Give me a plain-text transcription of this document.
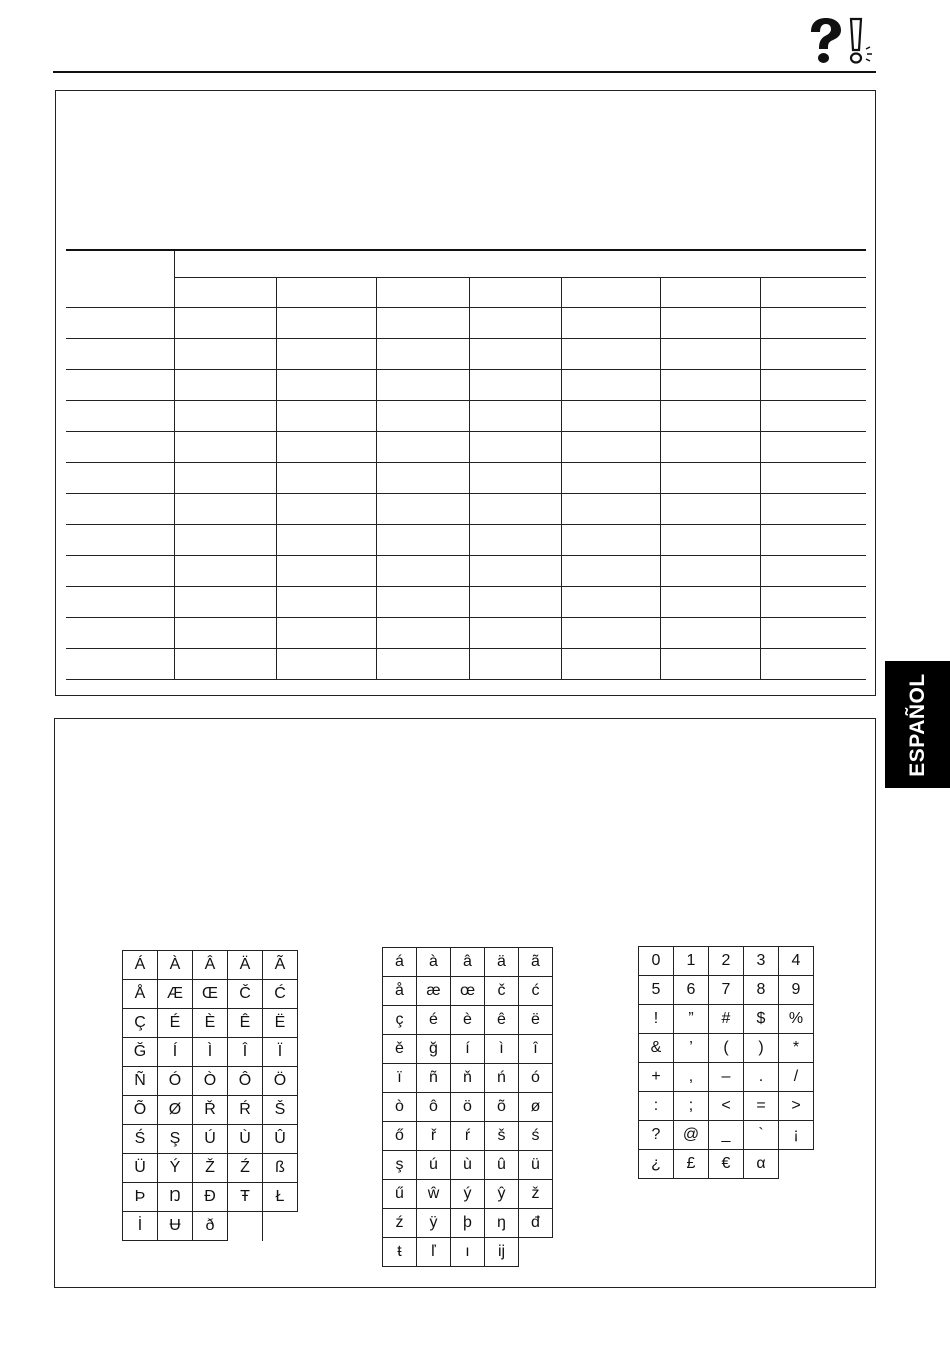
Á	À	Â	Ä	Ã
Å	Æ	Œ	Č	Ć
Ç	É	È	Ê	Ë
Ğ	Í	Ì	Î	Ï
Ñ	Ó	Ò	Ô	Ö
Õ	Ø	Ř	Ŕ	Š
Ś	Ş	Ú	Ù	Û
Ü	Ý	Ž	Ź	ß
Þ	Ŋ	Đ	Ŧ	Ł
İ	Ʉ	ð		
á	à	â	ä	ã
å	æ	œ	č	ć
ç	é	è	ê	ë
ě	ğ	í	ì	î
ï	ñ	ň	ń	ó
ò	ô	ö	õ	ø
ő	ř	ŕ	š	ś
ş	ú	ù	û	ü
ű	ŵ	ý	ŷ	ž
ź	ÿ	þ	ŋ	đ
ŧ	ľ	ı	ij	
0	1	2	3	4
5	6	7	8	9
!	”	#	$	%
&	’	(	)	*
+	,	–	.	/
:	;	<	=	>
?	@	_	`	¡
¿	£	€	α	
ESPAÑOL
